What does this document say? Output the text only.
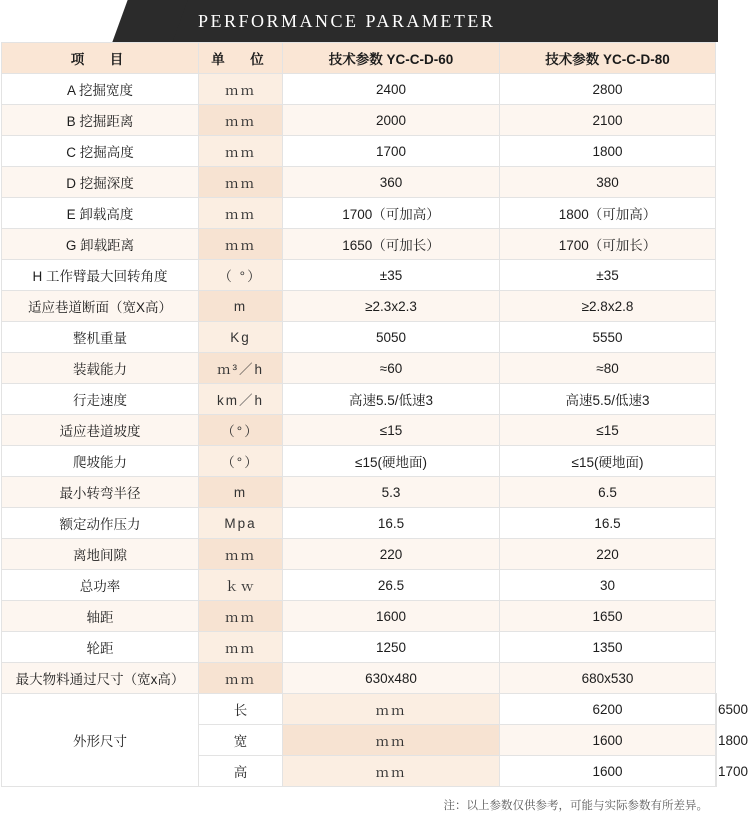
PERFORMANCE PARAMETER
项　目	单　位	技术参数 YC-C-D-60	技术参数 YC-C-D-80	
A 挖掘宽度	ｍｍ	2400	2800	
B 挖掘距离	ｍｍ	2000	2100	
C 挖掘高度	ｍｍ	1700	1800	
D 挖掘深度	ｍｍ	360	380	
E 卸载高度	ｍｍ	1700（可加高）	1800（可加高）	
G 卸载距离	ｍｍ	1650（可加长）	1700（可加长）	
H 工作臂最大回转角度	（ °）	±35	±35	
适应巷道断面（宽X高）	m	≥2.3x2.3	≥2.8x2.8	
整机重量	Kg	5050	5550	
装载能力	ｍ³／h	≈60	≈80	
行走速度	km／h	高速5.5/低速3	高速5.5/低速3	
适应巷道坡度	（°）	≤15	≤15	
爬坡能力	（°）	≤15(硬地面)	≤15(硬地面)	
最小转弯半径	m	5.3	6.5	
额定动作压力	Mpa	16.5	16.5	
离地间隙	ｍｍ	220	220	
总功率	ｋｗ	26.5	30	
轴距	ｍｍ	1600	1650	
轮距	ｍｍ	1250	1350	
最大物料通过尺寸（宽x高）	ｍｍ	630x480	680x530	
外形尺寸	长	ｍｍ	6200	6500
	宽	ｍｍ	1600	1800
	高	ｍｍ	1600	1700
注：以上参数仅供参考，可能与实际参数有所差异。
